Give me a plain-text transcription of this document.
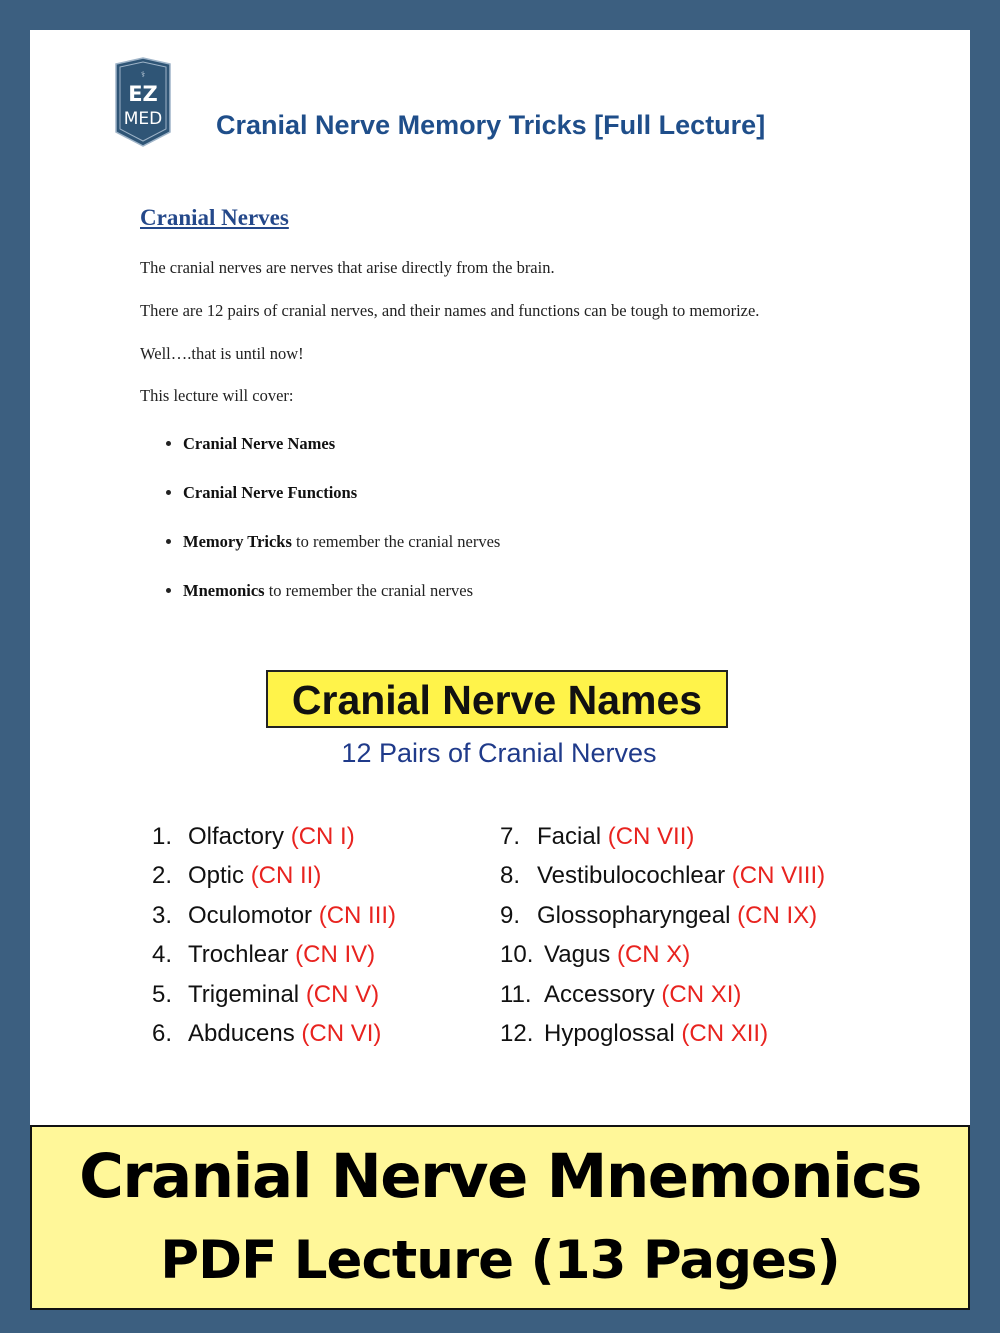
⚕
EZ
MED Cranial Nerve Memory Tricks [Full Lecture]
Cranial Nerves
The cranial nerves are nerves that arise directly from the brain.
There are 12 pairs of cranial nerves, and their names and functions can be tough to memorize.
Well….that is until now!
This lecture will cover:
• Cranial Nerve Names
• Cranial Nerve Functions
• Memory Tricks to remember the cranial nerves
• Mnemonics to remember the cranial nerves
Cranial Nerve Names
12 Pairs of Cranial Nerves
1. Olfactory (CN I)
2. Optic (CN II)
3. Oculomotor (CN III)
4. Trochlear (CN IV)
5. Trigeminal (CN V)
6. Abducens (CN VI)
7. Facial (CN VII)
8. Vestibulocochlear (CN VIII)
9. Glossopharyngeal (CN IX)
10. Vagus (CN X)
11. Accessory (CN XI)
12. Hypoglossal (CN XII)
Cranial Nerve Mnemonics
PDF Lecture (13 Pages)
